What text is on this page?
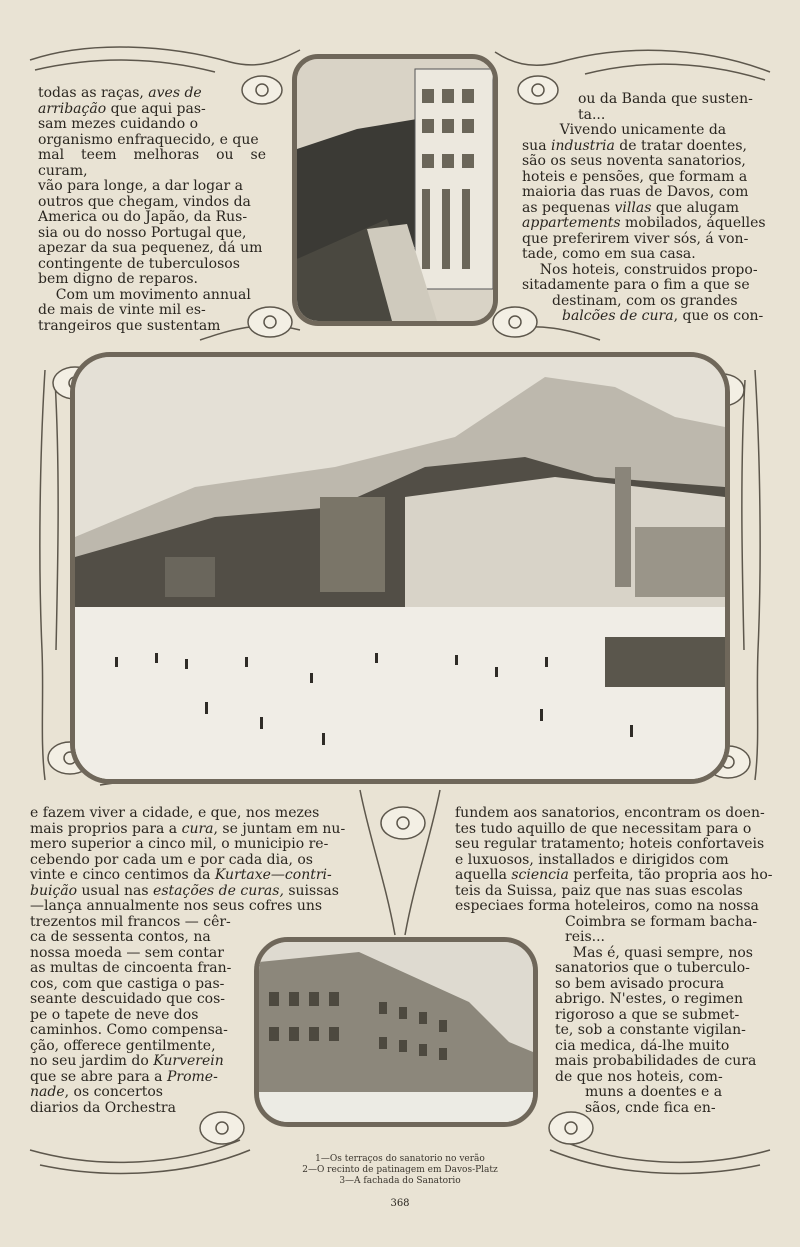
todas as raças, aves de

arribação que aqui pas-

sam mezes cuidando o

organismo enfraquecido, e que

mal teem melhoras ou se curam,

vão para longe, a dar logar a

outros que chegam, vindos da

America ou do Japão, da Rus-

sia ou do nosso Portugal que,

apezar da sua pequenez, dá um

contingente de tuberculosos

bem digno de reparos.

Com um movimento annual

de mais de vinte mil es-

trangeiros que sustentam

ou da Banda que susten-

ta...

Vivendo unicamente da

sua industria de tratar doentes,

são os seus noventa sanatorios,

hoteis e pensões, que formam a

maioria das ruas de Davos, com

as pequenas villas que alugam

appartements mobilados, áquelles

que preferirem viver sós, á von-

tade, como em sua casa.

Nos hoteis, construidos propo-

sitadamente para o fim a que se

destinam, com os grandes

balcões de cura, que os con-

e fazem viver a cidade, e que, nos mezes

mais proprios para a cura, se juntam em nu-

mero superior a cinco mil, o municipio re-

cebendo por cada um e por cada dia, os

vinte e cinco centimos da Kurtaxe—contri-

buição usual nas estações de curas, suissas

—lança annualmente nos seus cofres uns

trezentos mil francos — cêr-

ca de sessenta contos, na

nossa moeda — sem contar

as multas de cincoenta fran-

cos, com que castiga o pas-

seante descuidado que cos-

pe o tapete de neve dos

caminhos. Como compensa-

ção, offerece gentilmente,

no seu jardim do Kurverein

que se abre para a Prome-

nade, os concertos

diarios da Orchestra

fundem aos sanatorios, encontram os doen-

tes tudo aquillo de que necessitam para o

seu regular tratamento; hoteis confortaveis

e luxuosos, installados e dirigidos com

aquella sciencia perfeita, tão propria aos ho-

teis da Suissa, paiz que nas suas escolas

especiaes forma hoteleiros, como na nossa

Coimbra se formam bacha-

reis...

Mas é, quasi sempre, nos

sanatorios que o tuberculo-

so bem avisado procura

abrigo. N'estes, o regimen

rigoroso a que se submet-

te, sob a constante vigilan-

cia medica, dá-lhe muito

mais probabilidades de cura

de que nos hoteis, com-

muns a doentes e a

sãos, cnde fica en-

1—Os terraços do sanatorio no verão
2—O recinto de patinagem em Davos-Platz
3—A fachada do Sanatorio
368
